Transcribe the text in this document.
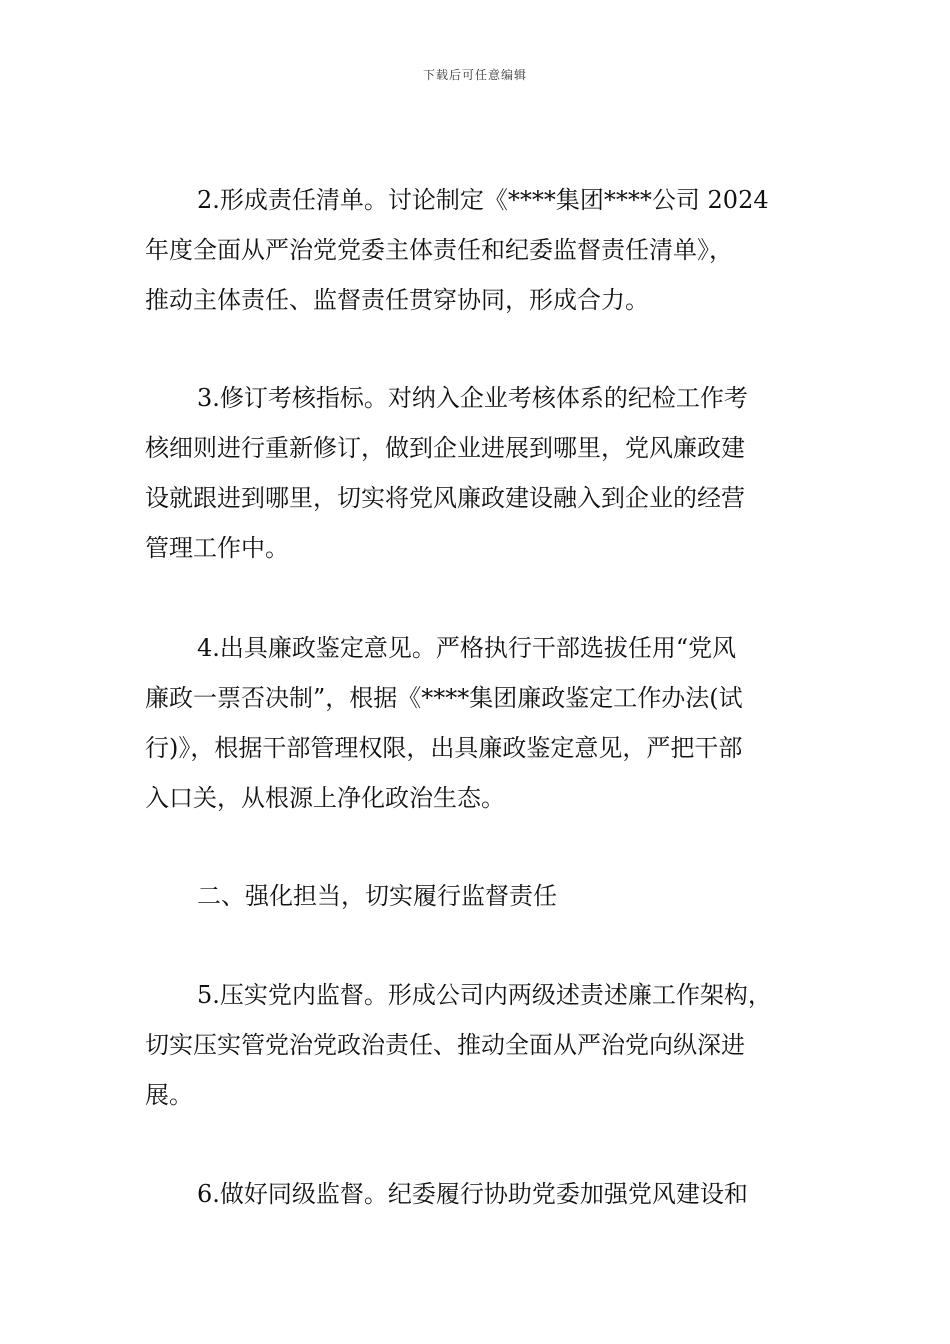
下载后可任意编辑
2.形成责任清单。讨论制定《****集团****公司 2024
年度全面从严治党党委主体责任和纪委监督责任清单》，
推动主体责任、监督责任贯穿协同，形成合力。
3.修订考核指标。对纳入企业考核体系的纪检工作考
核细则进行重新修订，做到企业进展到哪里，党风廉政建
设就跟进到哪里，切实将党风廉政建设融入到企业的经营
管理工作中。
4.出具廉政鉴定意见。严格执行干部选拔任用“党风
廉政一票否决制”，根据《****集团廉政鉴定工作办法(试
行)》，根据干部管理权限，出具廉政鉴定意见，严把干部
入口关，从根源上净化政治生态。
二、强化担当，切实履行监督责任
5.压实党内监督。形成公司内两级述责述廉工作架构，
切实压实管党治党政治责任、推动全面从严治党向纵深进
展。
6.做好同级监督。纪委履行协助党委加强党风建设和
